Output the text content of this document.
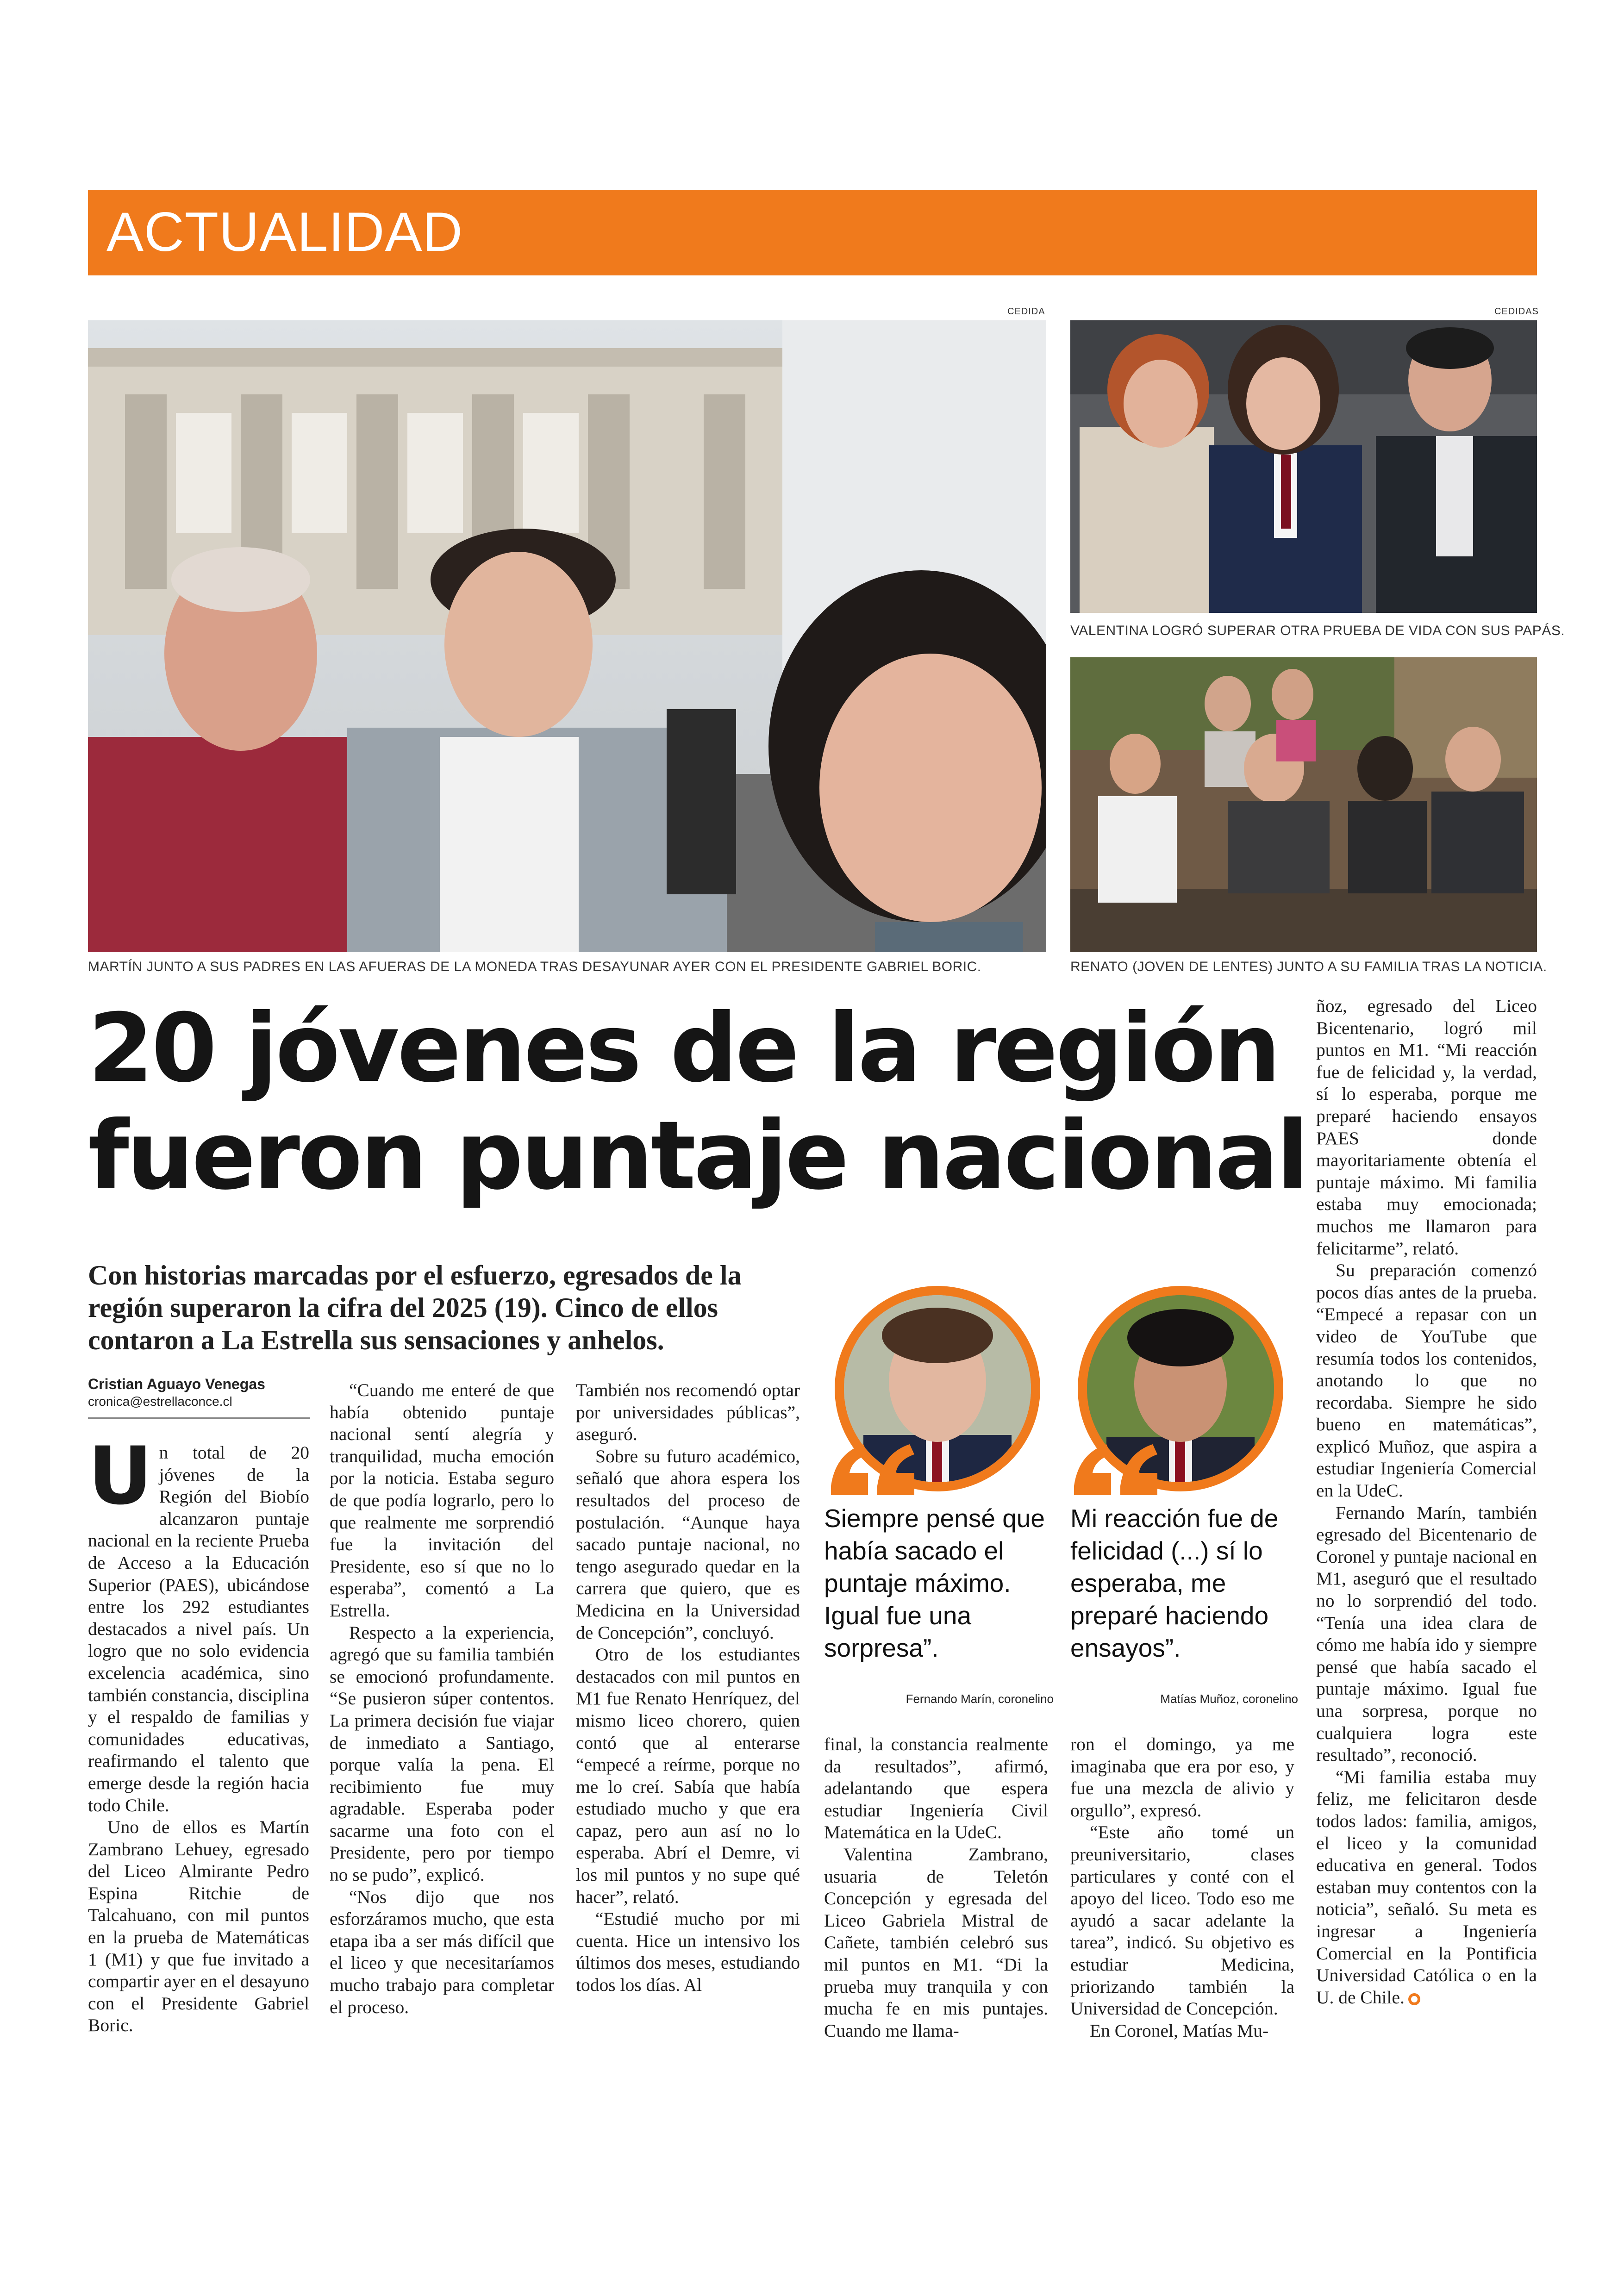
ACTUALIDAD
CEDIDA
MARTÍN JUNTO A SUS PADRES EN LAS AFUERAS DE LA MONEDA TRAS DESAYUNAR AYER CON EL PRESIDENTE GABRIEL BORIC.
CEDIDAS
VALENTINA LOGRÓ SUPERAR OTRA PRUEBA DE VIDA CON SUS PAPÁS.
RENATO (JOVEN DE LENTES) JUNTO A SU FAMILIA TRAS LA NOTICIA.
20 jóvenes de la región
fueron puntaje nacional
Con historias marcadas por el esfuerzo, egresados de la
región superaron la cifra del 2025 (19). Cinco de ellos
contaron a La Estrella sus sensaciones y anhelos.
Cristian Aguayo Venegas
cronica@estrellaconce.cl

Un total de 20 jóvenes de la Región del Biobío alcanzaron puntaje nacional en la reciente Prueba de Acceso a la Educación Superior (PAES), ubicándose entre los 292 estudiantes destacados a nivel país. Un logro que no solo evidencia excelencia académica, sino también constancia, disciplina y el respaldo de familias y comunidades educativas, reafirmando el talento que emerge desde la región hacia todo Chile.

Uno de ellos es Martín Zambrano Lehuey, egresado del Liceo Almirante Pedro Espina Ritchie de Talcahuano, con mil puntos en la prueba de Matemáticas 1 (M1) y que fue invitado a compartir ayer en el desayuno con el Presidente Gabriel Boric.

“Cuando me enteré de que había obtenido puntaje nacional sentí alegría y tranquilidad, mucha emoción por la noticia. Estaba seguro de que podía lograrlo, pero lo que realmente me sorprendió fue la invitación del Presidente, eso sí que no lo esperaba”, comentó a La Estrella.

Respecto a la experiencia, agregó que su familia también se emocionó profundamente. “Se pusieron súper contentos. La primera decisión fue viajar de inmediato a Santiago, porque valía la pena. El recibimiento fue muy agradable. Esperaba poder sacarme una foto con el Presidente, pero por tiempo no se pudo”, explicó.

“Nos dijo que nos esforzáramos mucho, que esta etapa iba a ser más difícil que el liceo y que necesitaríamos mucho trabajo para completar el proceso.

También nos recomendó optar por universidades públicas”, aseguró.

Sobre su futuro académico, señaló que ahora espera los resultados del proceso de postulación. “Aunque haya sacado puntaje nacional, no tengo asegurado quedar en la carrera que quiero, que es Medicina en la Universidad de Concepción”, concluyó.

Otro de los estudiantes destacados con mil puntos en M1 fue Renato Henríquez, del mismo liceo chorero, quien contó que al enterarse “empecé a reírme, porque no me lo creí. Sabía que había estudiado mucho y que era capaz, pero aun así no lo esperaba. Abrí el Demre, vi los mil puntos y no supe qué hacer”, relató.

“Estudié mucho por mi cuenta. Hice un intensivo los últimos dos meses, estudiando todos los días. Al

final, la constancia realmente da resultados”, afirmó, adelantando que espera estudiar Ingeniería Civil Matemática en la UdeC.

Valentina Zambrano, usuaria de Teletón Concepción y egresada del Liceo Gabriela Mistral de Cañete, también celebró sus mil puntos en M1. “Di la prueba muy tranquila y con mucha fe en mis puntajes. Cuando me llama-

ron el domingo, ya me imaginaba que era por eso, y fue una mezcla de alivio y orgullo”, expresó.

“Este año tomé un preuniversitario, clases particulares y conté con el apoyo del liceo. Todo eso me ayudó a sacar adelante la tarea”, indicó. Su objetivo es estudiar Medicina, priorizando también la Universidad de Concepción.

En Coronel, Matías Mu-

ñoz, egresado del Liceo Bicentenario, logró mil puntos en M1. “Mi reacción fue de felicidad y, la verdad, sí lo esperaba, porque me preparé haciendo ensayos PAES donde mayoritariamente obtenía el puntaje máximo. Mi familia estaba muy emocionada; muchos me llamaron para felicitarme”, relató.

Su preparación comenzó pocos días antes de la prueba. “Empecé a repasar con un video de YouTube que resumía todos los contenidos, anotando lo que no recordaba. Siempre he sido bueno en matemáticas”, explicó Muñoz, que aspira a estudiar Ingeniería Comercial en la UdeC.

Fernando Marín, también egresado del Bicentenario de Coronel y puntaje nacional en M1, aseguró que el resultado no lo sorprendió del todo. “Tenía una idea clara de cómo me había ido y siempre pensé que había sacado el puntaje máximo. Igual fue una sorpresa, porque no cualquiera logra este resultado”, reconoció.

“Mi familia estaba muy feliz, me felicitaron desde todos lados: familia, amigos, el liceo y la comunidad educativa en general. Todos estaban muy contentos con la noticia”, señaló. Su meta es ingresar a Ingeniería Comercial en la Pontificia Universidad Católica o en la U. de Chile.

Siempre pensé que había sacado el puntaje máximo. Igual fue una sorpresa”.
Fernando Marín, coronelino
Mi reacción fue de felicidad (...) sí lo esperaba, me preparé haciendo ensayos”.
Matías Muñoz, coronelino
